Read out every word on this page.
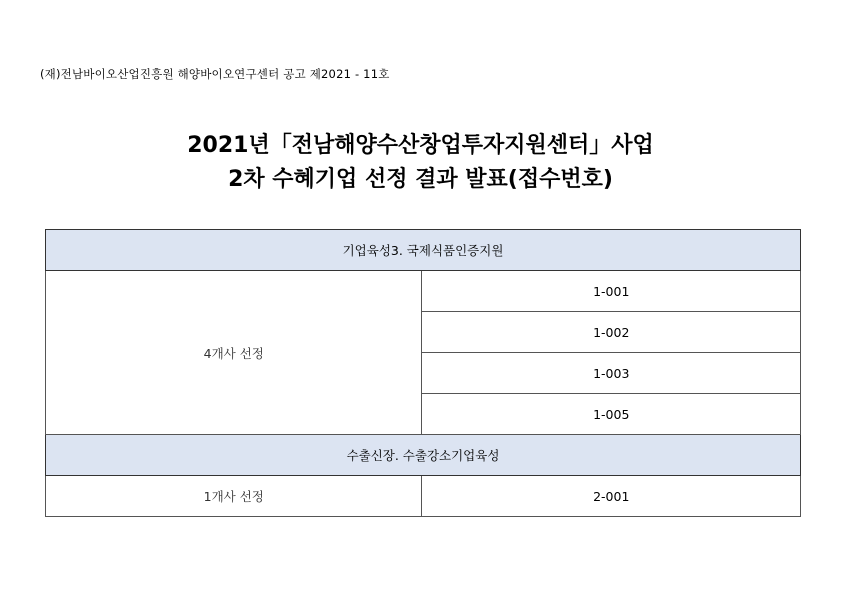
(재)전남바이오산업진흥원 해양바이오연구센터 공고 제2021 - 11호
2021년「전남해양수산창업투자지원센터」사업
2차 수혜기업 선정 결과 발표(접수번호)
기업육성3. 국제식품인증지원	
4개사 선정	1-001
	1-002
	1-003
	1-005
수출신장. 수출강소기업육성	
1개사 선정	2-001
